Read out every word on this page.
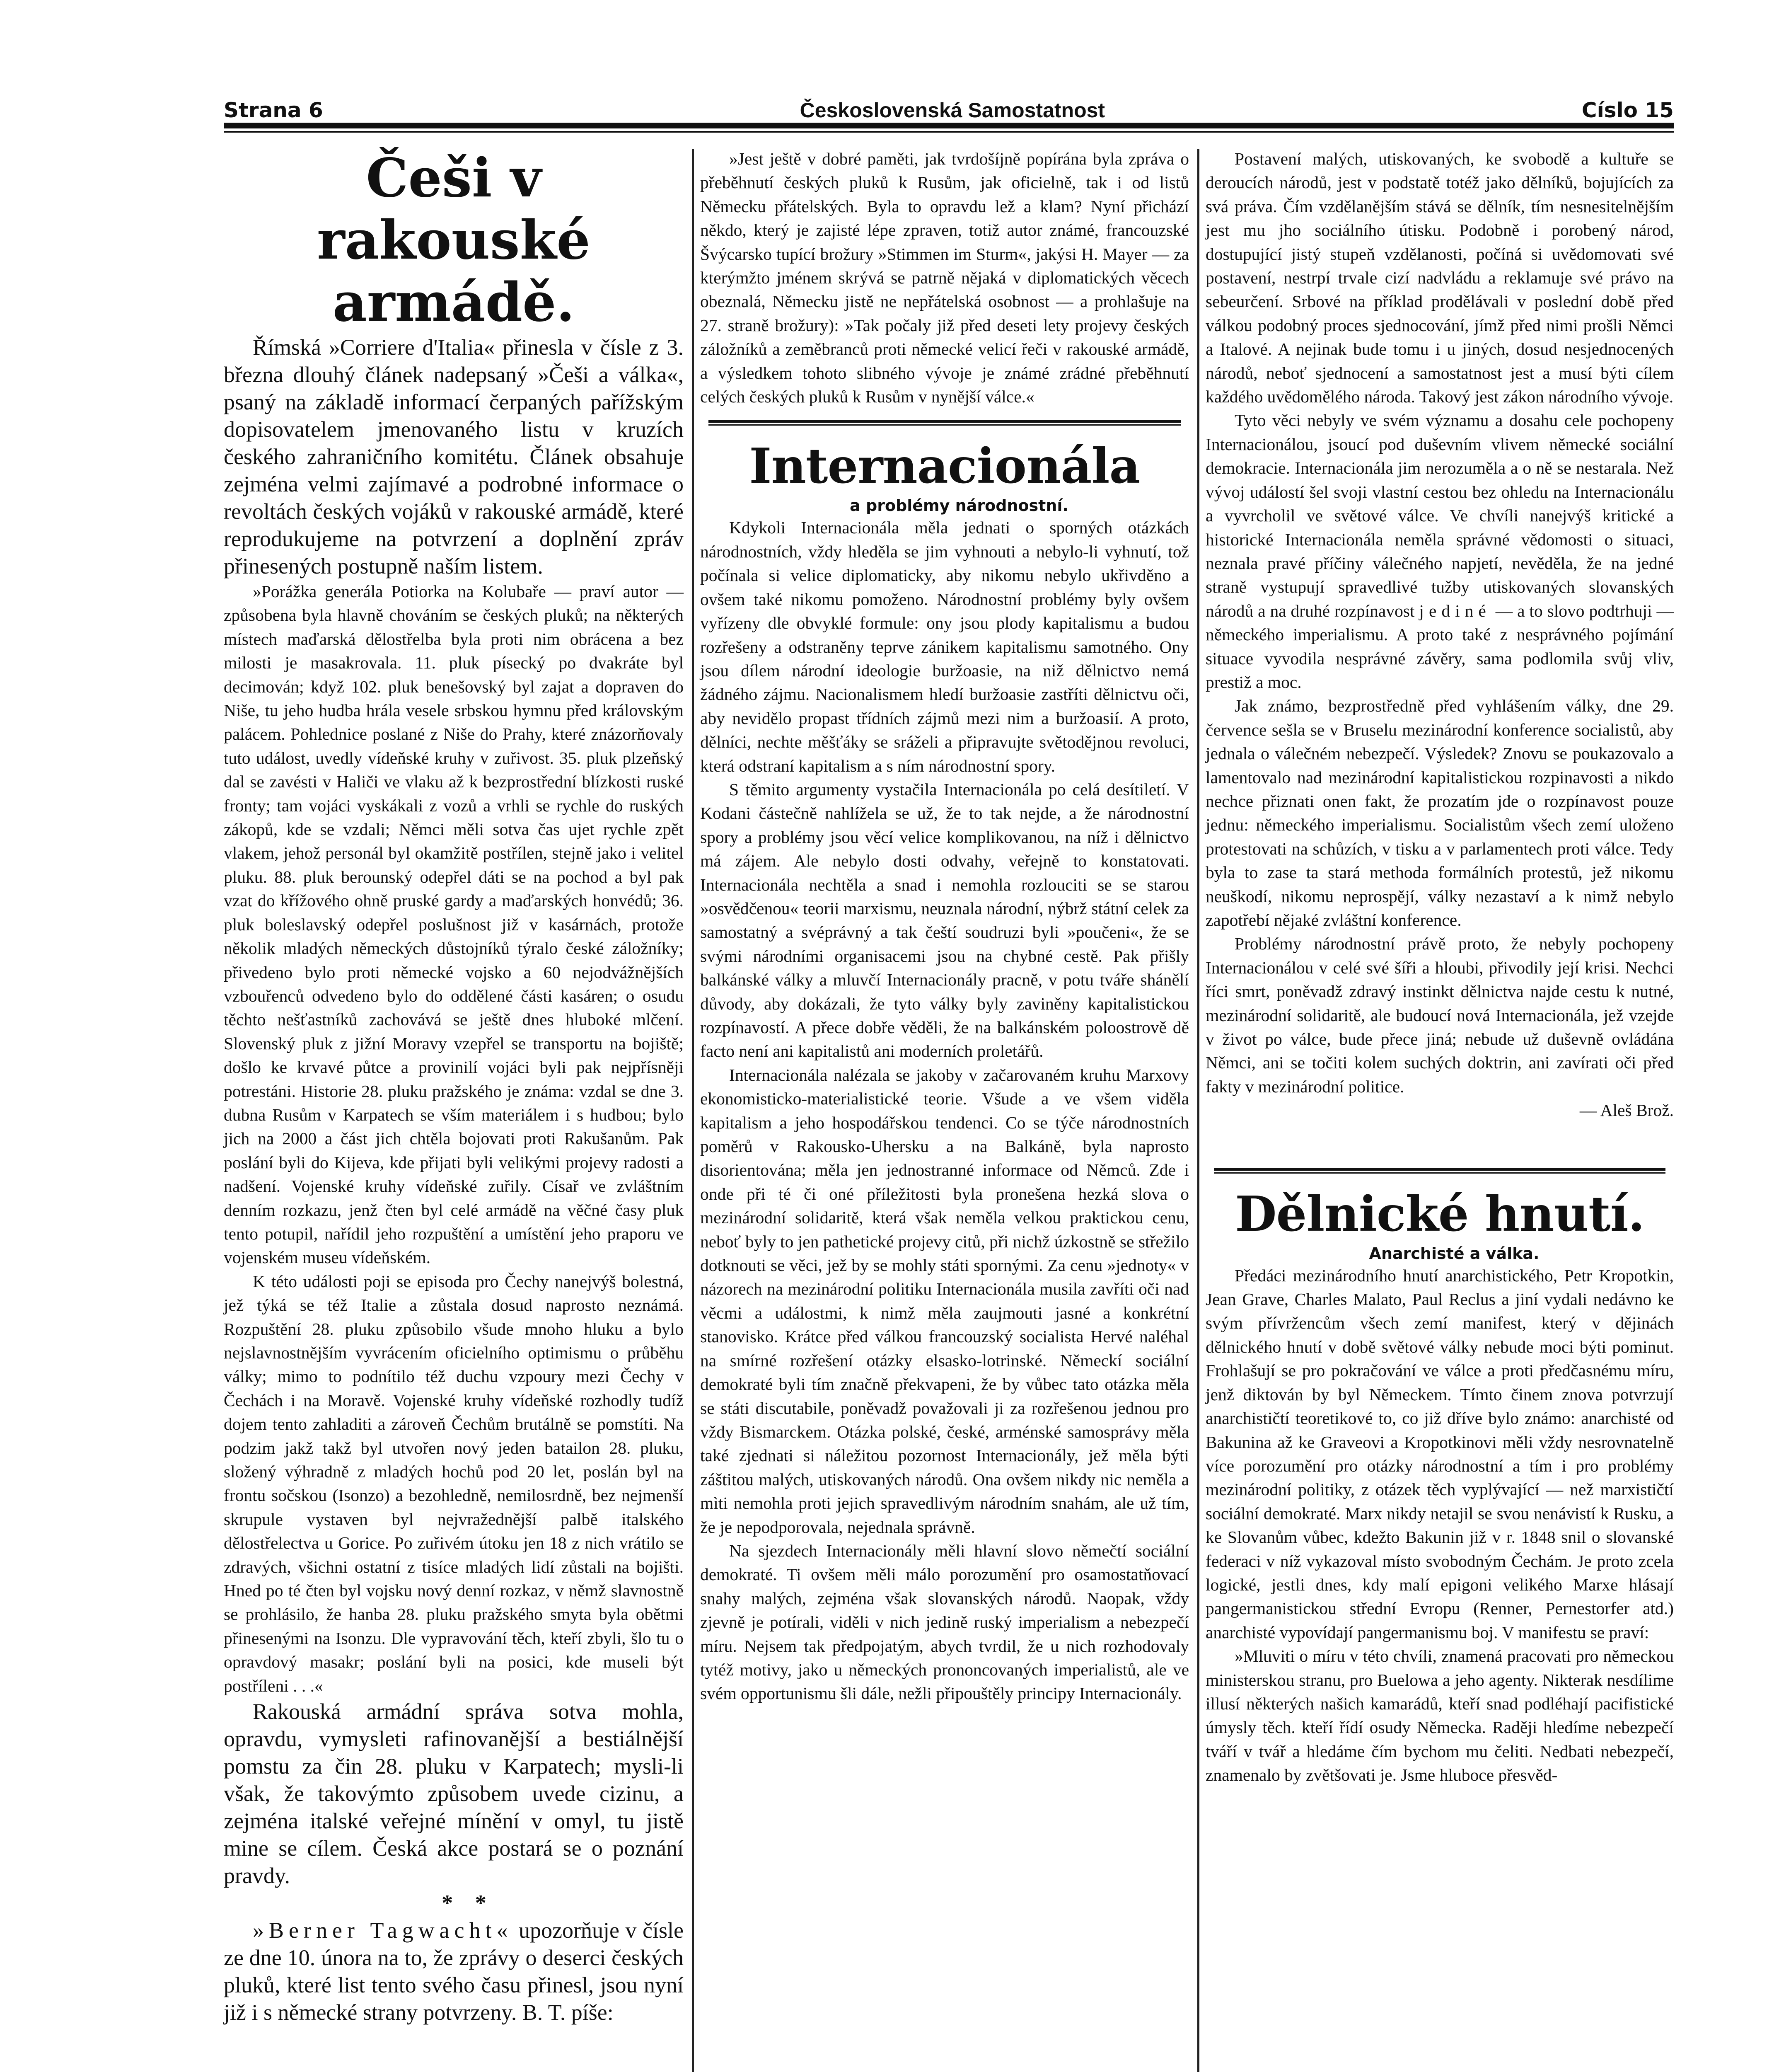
Strana 6	Československá Samostatnost	Císlo 15
Češi v rakouské armádě.

Římská »Corriere d'Italia« přinesla v čísle z 3. března dlouhý článek nadepsaný »Češi a válka«, psaný na základě informací čerpaných pařížským dopisovatelem jmenovaného listu v kruzích českého zahraničního komitétu. Článek obsahuje zejména velmi zajímavé a podrobné informace o revoltách českých vojáků v rakouské armádě, které reprodukujeme na potvrzení a doplnění zpráv přinesených postupně naším listem.

»Porážka generála Potiorka na Kolubaře — praví autor — způsobena byla hlavně chováním se českých pluků; na některých místech maďarská dělostřelba byla proti nim obrácena a bez milosti je masakrovala. 11. pluk písecký po dvakráte byl decimován; když 102. pluk benešovský byl zajat a dopraven do Niše, tu jeho hudba hrála vesele srbskou hymnu před královským palácem. Pohlednice poslané z Niše do Prahy, které znázorňovaly tuto událost, uvedly vídeňské kruhy v zuřivost. 35. pluk plzeňský dal se zavésti v Haliči ve vlaku až k bezprostřední blízkosti ruské fronty; tam vojáci vyskákali z vozů a vrhli se rychle do ruských zákopů, kde se vzdali; Němci měli sotva čas ujet rychle zpět vlakem, jehož personál byl okamžitě postřílen, stejně jako i velitel pluku. 88. pluk berounský odepřel dáti se na pochod a byl pak vzat do křížového ohně pruské gardy a maďarských honvédů; 36. pluk boleslavský odepřel poslušnost již v kasárnách, protože několik mladých německých důstojníků týralo české záložníky; přivedeno bylo proti německé vojsko a 60 nejodvážnějších vzbouřenců odvedeno bylo do oddělené části kasáren; o osudu těchto nešťastníků zachovává se ještě dnes hluboké mlčení. Slovenský pluk z jižní Moravy vzepřel se transportu na bojiště; došlo ke krvavé půtce a provinilí vojáci byli pak nejpřísněji potrestáni. Historie 28. pluku pražského je známa: vzdal se dne 3. dubna Rusům v Karpatech se vším materiálem i s hudbou; bylo jich na 2000 a část jich chtěla bojovati proti Rakušanům. Pak poslání byli do Kijeva, kde přijati byli velikými projevy radosti a nadšení. Vojenské kruhy vídeňské zuřily. Císař ve zvláštním denním rozkazu, jenž čten byl celé armádě na věčné časy pluk tento potupil, nařídil jeho rozpuštění a umístění jeho praporu ve vojenském museu vídeňském.

K této události poji se episoda pro Čechy nanejvýš bolestná, jež týká se též Italie a zůstala dosud naprosto neznámá. Rozpuštění 28. pluku způsobilo všude mnoho hluku a bylo nejslavnostnějším vyvrácením oficielního optimismu o průběhu války; mimo to podnítilo též duchu vzpoury mezi Čechy v Čechách i na Moravě. Vojenské kruhy vídeňské rozhodly tudíž dojem tento zahladiti a zároveň Čechům brutálně se pomstíti. Na podzim jakž takž byl utvořen nový jeden batailon 28. pluku, složený výhradně z mladých hochů pod 20 let, poslán byl na frontu sočskou (Isonzo) a bezohledně, nemilosrdně, bez nejmenší skrupule vystaven byl nejvražednější palbě italského dělostřelectva u Gorice. Po zuřivém útoku jen 18 z nich vrátilo se zdravých, všichni ostatní z tisíce mladých lidí zůstali na bojišti. Hned po té čten byl vojsku nový denní rozkaz, v němž slavnostně se prohlásilo, že hanba 28. pluku pražského smyta byla obětmi přinesenými na Isonzu. Dle vypravování těch, kteří zbyli, šlo tu o opravdový masakr; poslání byli na posici, kde museli být postříleni . . .«

Rakouská armádní správa sotva mohla, opravdu, vymysleti rafinovanější a bestiálnější pomstu za čin 28. pluku v Karpatech; mysli-li však, že takovýmto způsobem uvede cizinu, a zejména italské veřejné mínění v omyl, tu jistě mine se cílem. Česká akce postará se o poznání pravdy.

* *

»Berner Tagwacht« upozorňuje v čísle ze dne 10. února na to, že zprávy o deserci českých pluků, které list tento svého času přinesl, jsou nyní již i s německé strany potvrzeny. B. T. píše:

»Jest ještě v dobré paměti, jak tvrdošíjně popírána byla zpráva o přeběhnutí českých pluků k Rusům, jak oficielně, tak i od listů Německu přátelských. Byla to opravdu lež a klam? Nyní přichází někdo, který je zajisté lépe zpraven, totiž autor známé, francouzské Švýcarsko tupící brožury »Stimmen im Sturm«, jakýsi H. Mayer — za kterýmžto jménem skrývá se patrně nějaká v diplomatických věcech obeznalá, Německu jistě ne nepřátelská osobnost — a prohlašuje na 27. straně brožury): »Tak počaly již před deseti lety projevy českých záložníků a zeměbranců proti německé velicí řeči v rakouské armádě, a výsledkem tohoto slibného vývoje je známé zrádné přeběhnutí celých českých pluků k Rusům v nynější válce.«

Internacionála

a problémy národnostní.

Kdykoli Internacionála měla jednati o sporných otázkách národnostních, vždy hleděla se jim vyhnouti a nebylo-li vyhnutí, tož počínala si velice diplomaticky, aby nikomu nebylo ukřivděno a ovšem také nikomu pomoženo. Národnostní problémy byly ovšem vyřízeny dle obvyklé formule: ony jsou plody kapitalismu a budou rozřešeny a odstraněny teprve zánikem kapitalismu samotného. Ony jsou dílem národní ideologie buržoasie, na niž dělnictvo nemá žádného zájmu. Nacionalismem hledí buržoasie zastříti dělnictvu oči, aby nevidělo propast třídních zájmů mezi nim a buržoasií. A proto, dělníci, nechte měšťáky se sráželi a připravujte světodějnou revoluci, která odstraní kapitalism a s ním národnostní spory.

S těmito argumenty vystačila Internacionála po celá desítiletí. V Kodani částečně nahlížela se už, že to tak nejde, a že národnostní spory a problémy jsou věcí velice komplikovanou, na níž i dělnictvo má zájem. Ale nebylo dosti odvahy, veřejně to konstatovati. Internacionála nechtěla a snad i nemohla rozlouciti se se starou »osvědčenou« teorii marxismu, neuznala národní, nýbrž státní celek za samostatný a svéprávný a tak čeští soudruzi byli »poučeni«, že se svými národními organisacemi jsou na chybné cestě. Pak přišly balkánské války a mluvčí Internacionály pracně, v potu tváře shánělí důvody, aby dokázali, že tyto války byly zaviněny kapitalistickou rozpínavostí. A přece dobře věděli, že na balkánském poloostrově dě facto není ani kapitalistů ani moderních proletářů.

Internacionála nalézala se jakoby v začarovaném kruhu Marxovy ekonomisticko-materialistické teorie. Všude a ve všem viděla kapitalism a jeho hospodářskou tendenci. Co se týče národnostních poměrů v Rakousko-Uhersku a na Balkáně, byla naprosto disorientována; měla jen jednostranné informace od Němců. Zde i onde při té či oné příležitosti byla pronešena hezká slova o mezinárodní solidaritě, která však neměla velkou praktickou cenu, neboť byly to jen pathetické projevy citů, při nichž úzkostně se střežilo dotknouti se věci, jež by se mohly státi spornými. Za cenu »jednoty« v názorech na mezinárodní politiku Internacionála musila zavříti oči nad věcmi a událostmi, k nimž měla zaujmouti jasné a konkrétní stanovisko. Krátce před válkou francouzský socialista Hervé naléhal na smírné rozřešení otázky elsasko-lotrinské. Německí sociální demokraté byli tím značně překvapeni, že by vůbec tato otázka měla se státi discutabile, poněvadž považovali ji za rozřešenou jednou pro vždy Bismarckem. Otázka polské, české, arménské samosprávy měla také zjednati si náležitou pozornost Internacionály, jež měla býti záštitou malých, utiskovaných národů. Ona ovšem nikdy nic neměla a mìti nemohla proti jejich spravedlivým národním snahám, ale už tím, že je nepodporovala, nejednala správně.

Na sjezdech Internacionály měli hlavní slovo němečtí sociální demokraté. Ti ovšem měli málo porozumění pro osamostatňovací snahy malých, zejména však slovanských národů. Naopak, vždy zjevně je potírali, viděli v nich jedině ruský imperialism a nebezpečí míru. Nejsem tak předpojatým, abych tvrdil, že u nich rozhodovaly tytéž motivy, jako u německých prononcovaných imperialistů, ale ve svém opportunismu šli dále, nežli připouštěly principy Internacionály.

Postavení malých, utiskovaných, ke svobodě a kultuře se deroucích národů, jest v podstatě totéž jako dělníků, bojujících za svá práva. Čím vzdělanějším stává se dělník, tím nesnesitelnějším jest mu jho sociálního útisku. Podobně i porobený národ, dostupující jistý stupeň vzdělanosti, počíná si uvědomovati své postavení, nestrpí trvale cizí nadvládu a reklamuje své právo na sebeurčení. Srbové na příklad prodělávali v poslední době před válkou podobný proces sjednocování, jímž před nimi prošli Němci a Italové. A nejinak bude tomu i u jiných, dosud nesjednocených národů, neboť sjednocení a samostatnost jest a musí býti cílem každého uvědomělého národa. Takový jest zákon národního vývoje.

Tyto věci nebyly ve svém významu a dosahu cele pochopeny Internacionálou, jsoucí pod duševním vlivem německé sociální demokracie. Internacionála jim nerozuměla a o ně se nestarala. Než vývoj událostí šel svoji vlastní cestou bez ohledu na Internacionálu a vyvrcholil ve světové válce. Ve chvíli nanejvýš kritické a historické Internacionála neměla správné vědomosti o situaci, neznala pravé příčiny válečného napjetí, nevěděla, že na jedné straně vystupují spravedlivé tužby utiskovaných slovanských národů a na druhé rozpínavost jediné — a to slovo podtrhuji — německého imperialismu. A proto také z nesprávného pojímání situace vyvodila nesprávné závěry, sama podlomila svůj vliv, prestiž a moc.

Jak známo, bezprostředně před vyhlášením války, dne 29. července sešla se v Bruselu mezinárodní konference socialistů, aby jednala o válečném nebezpečí. Výsledek? Znovu se poukazovalo a lamentovalo nad mezinárodní kapitalistickou rozpinavosti a nikdo nechce přiznati onen fakt, že prozatím jde o rozpínavost pouze jednu: německého imperialismu. Socialistům všech zemí uloženo protestovati na schůzích, v tisku a v parlamentech proti válce. Tedy byla to zase ta stará methoda formálních protestů, jež nikomu neuškodí, nikomu neprospějí, války nezastaví a k nimž nebylo zapotřebí nějaké zvláštní konference.

Problémy národnostní právě proto, že nebyly pochopeny Internacionálou v celé své šíři a hloubi, přivodily její krisi. Nechci říci smrt, poněvadž zdravý instinkt dělnictva najde cestu k nutné, mezinárodní solidaritě, ale budoucí nová Internacionála, jež vzejde v život po válce, bude přece jiná; nebude už duševně ovládána Němci, ani se točiti kolem suchých doktrin, ani zavírati oči před fakty v mezinárodní politice.

— Aleš Brož.

Dělnické hnutí.

Anarchisté a válka.

Předáci mezinárodního hnutí anarchistického, Petr Kropotkin, Jean Grave, Charles Malato, Paul Reclus a jiní vydali nedávno ke svým přívržencům všech zemí manifest, který v dějinách dělnického hnutí v době světové války nebude moci býti pominut. Frohlašují se pro pokračování ve válce a proti předčasnému míru, jenž diktován by byl Německem. Tímto činem znova potvrzují anarchističtí teoretikové to, co již dříve bylo známo: anarchisté od Bakunina až ke Graveovi a Kropotkinovi měli vždy nesrovnatelně více porozumění pro otázky národnostní a tím i pro problémy mezinárodní politiky, z otázek těch vyplývající — než marxističtí sociální demokraté. Marx nikdy netajil se svou nenávistí k Rusku, a ke Slovanům vůbec, kdežto Bakunin již v r. 1848 snil o slovanské federaci v níž vykazoval místo svobodným Čechám. Je proto zcela logické, jestli dnes, kdy malí epigoni velikého Marxe hlásají pangermanistickou střední Evropu (Renner, Pernestorfer atd.) anarchisté vypovídají pangermanismu boj. V manifestu se praví:

»Mluviti o míru v této chvíli, znamená pracovati pro německou ministerskou stranu, pro Buelowa a jeho agenty. Nikterak nesdílime illusí některých našich kamarádů, kteří snad podléhají pacifistické úmysly těch. kteří řídí osudy Německa. Raději hledíme nebezpečí tváří v tvář a hledáme čím bychom mu čeliti. Nedbati nebezpečí, znamenalo by zvětšovati je. Jsme hluboce přesvěd-
